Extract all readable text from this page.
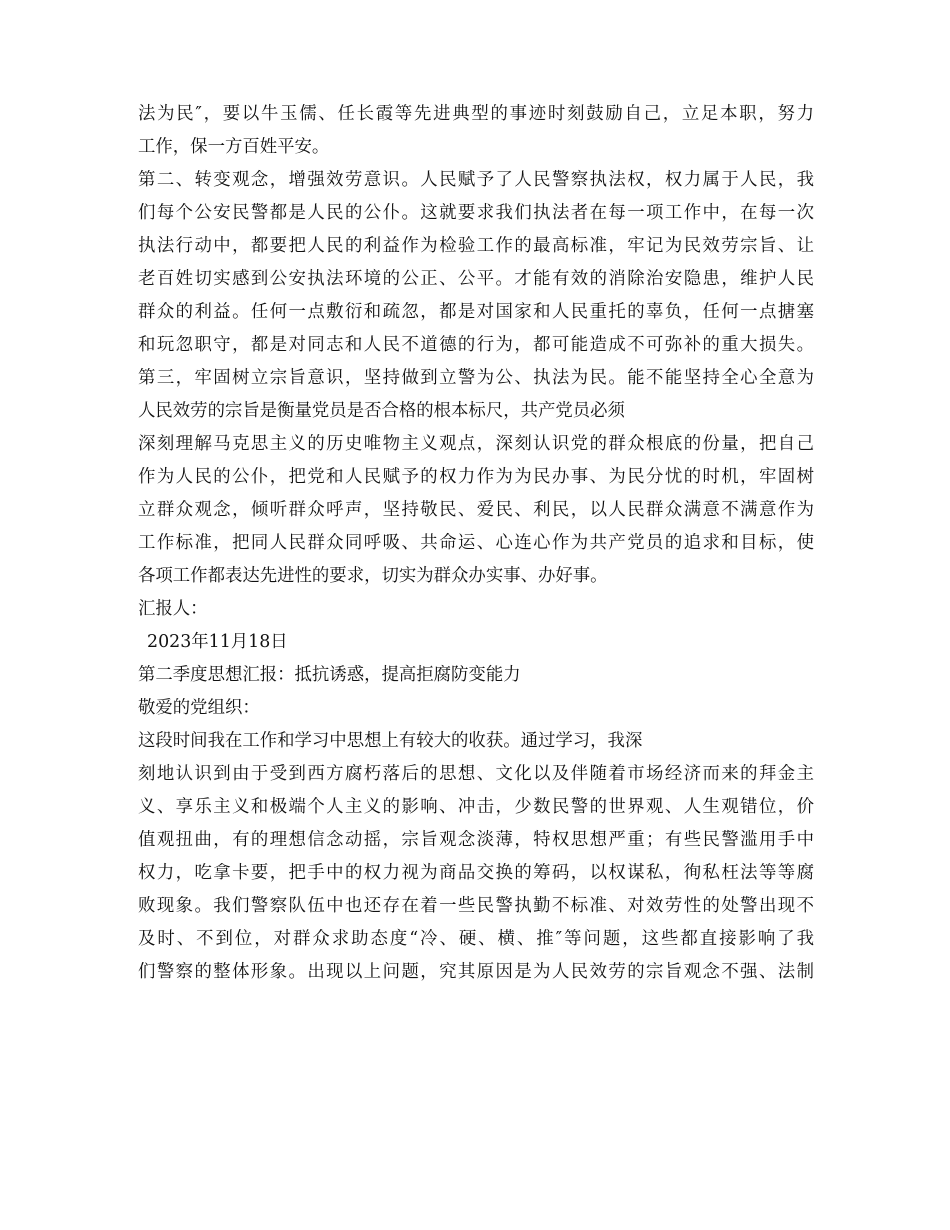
法为民″，要以牛玉儒、任长霞等先进典型的事迹时刻鼓励自己，立足本职，努力
工作，保一方百姓平安。
第二、转变观念，增强效劳意识。人民赋予了人民警察执法权，权力属于人民，我
们每个公安民警都是人民的公仆。这就要求我们执法者在每一项工作中，在每一次
执法行动中，都要把人民的利益作为检验工作的最高标准，牢记为民效劳宗旨、让
老百姓切实感到公安执法环境的公正、公平。才能有效的消除治安隐患，维护人民
群众的利益。任何一点敷衍和疏忽，都是对国家和人民重托的辜负，任何一点搪塞
和玩忽职守，都是对同志和人民不道德的行为，都可能造成不可弥补的重大损失。
第三，牢固树立宗旨意识，坚持做到立警为公、执法为民。能不能坚持全心全意为
人民效劳的宗旨是衡量党员是否合格的根本标尺，共产党员必须
深刻理解马克思主义的历史唯物主义观点，深刻认识党的群众根底的份量，把自己
作为人民的公仆，把党和人民赋予的权力作为为民办事、为民分忧的时机，牢固树
立群众观念，倾听群众呼声，坚持敬民、爱民、利民，以人民群众满意不满意作为
工作标准，把同人民群众同呼吸、共命运、心连心作为共产党员的追求和目标，使
各项工作都表达先进性的要求，切实为群众办实事、办好事。
汇报人：
2023年11月18日
第二季度思想汇报：抵抗诱惑，提高拒腐防变能力
敬爱的党组织：
这段时间我在工作和学习中思想上有较大的收获。通过学习，我深
刻地认识到由于受到西方腐朽落后的思想、文化以及伴随着市场经济而来的拜金主
义、享乐主义和极端个人主义的影响、冲击，少数民警的世界观、人生观错位，价
值观扭曲，有的理想信念动摇，宗旨观念淡薄，特权思想严重；有些民警滥用手中
权力，吃拿卡要，把手中的权力视为商品交换的筹码，以权谋私，徇私枉法等等腐
败现象。我们警察队伍中也还存在着一些民警执勤不标准、对效劳性的处警出现不
及时、不到位，对群众求助态度“冷、硬、横、推″等问题，这些都直接影响了我
们警察的整体形象。出现以上问题，究其原因是为人民效劳的宗旨观念不强、法制
